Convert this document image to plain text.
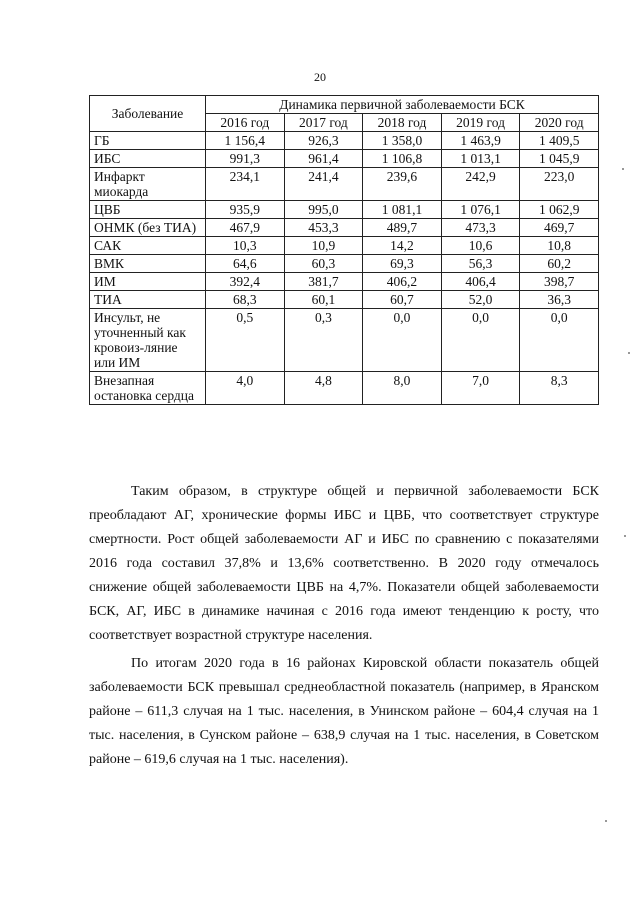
20
Заболевание	Динамика первичной заболеваемости БСК				
	2016 год	2017 год	2018 год	2019 год	2020 год
ГБ	1 156,4	926,3	1 358,0	1 463,9	1 409,5
ИБС	991,3	961,4	1 106,8	1 013,1	1 045,9
Инфаркт миокарда	234,1	241,4	239,6	242,9	223,0
ЦВБ	935,9	995,0	1 081,1	1 076,1	1 062,9
ОНМК (без ТИА)	467,9	453,3	489,7	473,3	469,7
САК	10,3	10,9	14,2	10,6	10,8
ВМК	64,6	60,3	69,3	56,3	60,2
ИМ	392,4	381,7	406,2	406,4	398,7
ТИА	68,3	60,1	60,7	52,0	36,3
Инсульт, не уточненный как кровоиз-ляние или ИМ	0,5	0,3	0,0	0,0	0,0
Внезапная остановка сердца	4,0	4,8	8,0	7,0	8,3

Таким образом, в структуре общей и первичной заболеваемости БСК преобладают АГ, хронические формы ИБС и ЦВБ, что соответствует структуре смертности. Рост общей заболеваемости АГ и ИБС по сравнению с показателями 2016 года составил 37,8% и 13,6% соответственно. В 2020 году отмечалось снижение общей заболеваемости ЦВБ на 4,7%. Показатели общей заболеваемости БСК, АГ, ИБС в динамике начиная с 2016 года имеют тенденцию к росту, что соответствует возрастной структуре населения.

По итогам 2020 года в 16 районах Кировской области показатель общей заболеваемости БСК превышал среднеобластной показатель (например, в Яранском районе – 611,3 случая на 1 тыс. населения, в Унинском районе – 604,4 случая на 1 тыс. населения, в Сунском районе – 638,9 случая на 1 тыс. населения, в Советском районе – 619,6 случая на 1 тыс. населения).
